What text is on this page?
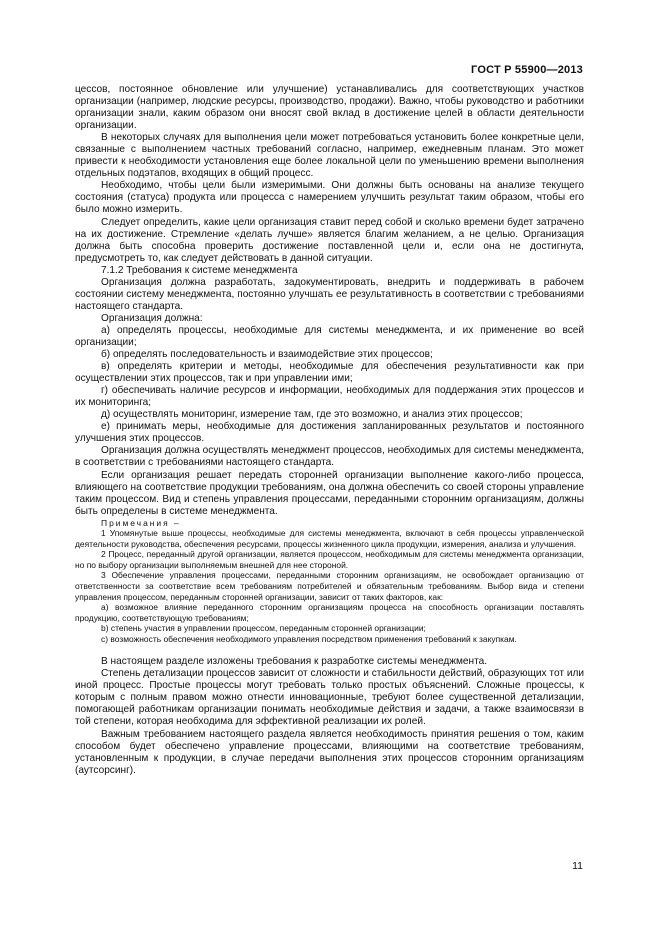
ГОСТ Р 55900—2013

цессов, постоянное обновление или улучшение) устанавливались для соответствующих участков организации (например, людские ресурсы, производство, продажи). Важно, чтобы руководство и работники организации знали, каким образом они вносят свой вклад в достижение целей в области деятельности организации.

В некоторых случаях для выполнения цели может потребоваться установить более конкретные цели, связанные с выполнением частных требований согласно, например, ежедневным планам. Это может привести к необходимости установления еще более локальной цели по уменьшению времени выполнения отдельных подэтапов, входящих в общий процесс.

Необходимо, чтобы цели были измеримыми. Они должны быть основаны на анализе текущего состояния (статуса) продукта или процесса с намерением улучшить результат таким образом, чтобы его было можно измерить.

Следует определить, какие цели организация ставит перед собой и сколько времени будет затрачено на их достижение. Стремление «делать лучше» является благим желанием, а не целью. Организация должна быть способна проверить достижение поставленной цели и, если она не достигнута, предусмотреть то, как следует действовать в данной ситуации.

7.1.2 Требования к системе менеджмента

Организация должна разработать, задокументировать, внедрить и поддерживать в рабочем состоянии систему менеджмента, постоянно улучшать ее результативность в соответствии с требованиями настоящего стандарта.

Организация должна:

а) определять процессы, необходимые для системы менеджмента, и их применение во всей организации;

б) определять последовательность и взаимодействие этих процессов;

в) определять критерии и методы, необходимые для обеспечения результативности как при осуществлении этих процессов, так и при управлении ими;

г) обеспечивать наличие ресурсов и информации, необходимых для поддержания этих процессов и их мониторинга;

д) осуществлять мониторинг, измерение там, где это возможно, и анализ этих процессов;

е) принимать меры, необходимые для достижения запланированных результатов и постоянного улучшения этих процессов.

Организация должна осуществлять менеджмент процессов, необходимых для системы менеджмента, в соответствии с требованиями настоящего стандарта.

Если организация решает передать сторонней организации выполнение какого-либо процесса, влияющего на соответствие продукции требованиям, она должна обеспечить со своей стороны управление таким процессом. Вид и степень управления процессами, переданными сторонним организациям, должны быть определены в системе менеджмента.

Примечания –

1 Упомянутые выше процессы, необходимые для системы менеджмента, включают в себя процессы управленческой деятельности руководства, обеспечения ресурсами, процессы жизненного цикла продукции, измерения, анализа и улучшения.

2 Процесс, переданный другой организации, является процессом, необходимым для системы менеджмента организации, но по выбору организации выполняемым внешней для нее стороной.

3 Обеспечение управления процессами, переданными сторонним организациям, не освобождает организацию от ответственности за соответствие всем требованиям потребителей и обязательным требованиям. Выбор вида и степени управления процессом, переданным сторонней организации, зависит от таких факторов, как:

a) возможное влияние переданного сторонним организациям процесса на способность организации поставлять продукцию, соответствующую требованиям;

b) степень участия в управлении процессом, переданным сторонней организации;

c) возможность обеспечения необходимого управления посредством применения требований к закупкам.

В настоящем разделе изложены требования к разработке системы менеджмента.

Степень детализации процессов зависит от сложности и стабильности действий, образующих тот или иной процесс. Простые процессы могут требовать только простых объяснений. Сложные процессы, к которым с полным правом можно отнести инновационные, требуют более существенной детализации, помогающей работникам организации понимать необходимые действия и задачи, а также взаимосвязи в той степени, которая необходима для эффективной реализации их ролей.

Важным требованием настоящего раздела является необходимость принятия решения о том, каким способом будет обеспечено управление процессами, влияющими на соответствие требованиям, установленным к продукции, в случае передачи выполнения этих процессов сторонним организациям (аутсорсинг).

11
